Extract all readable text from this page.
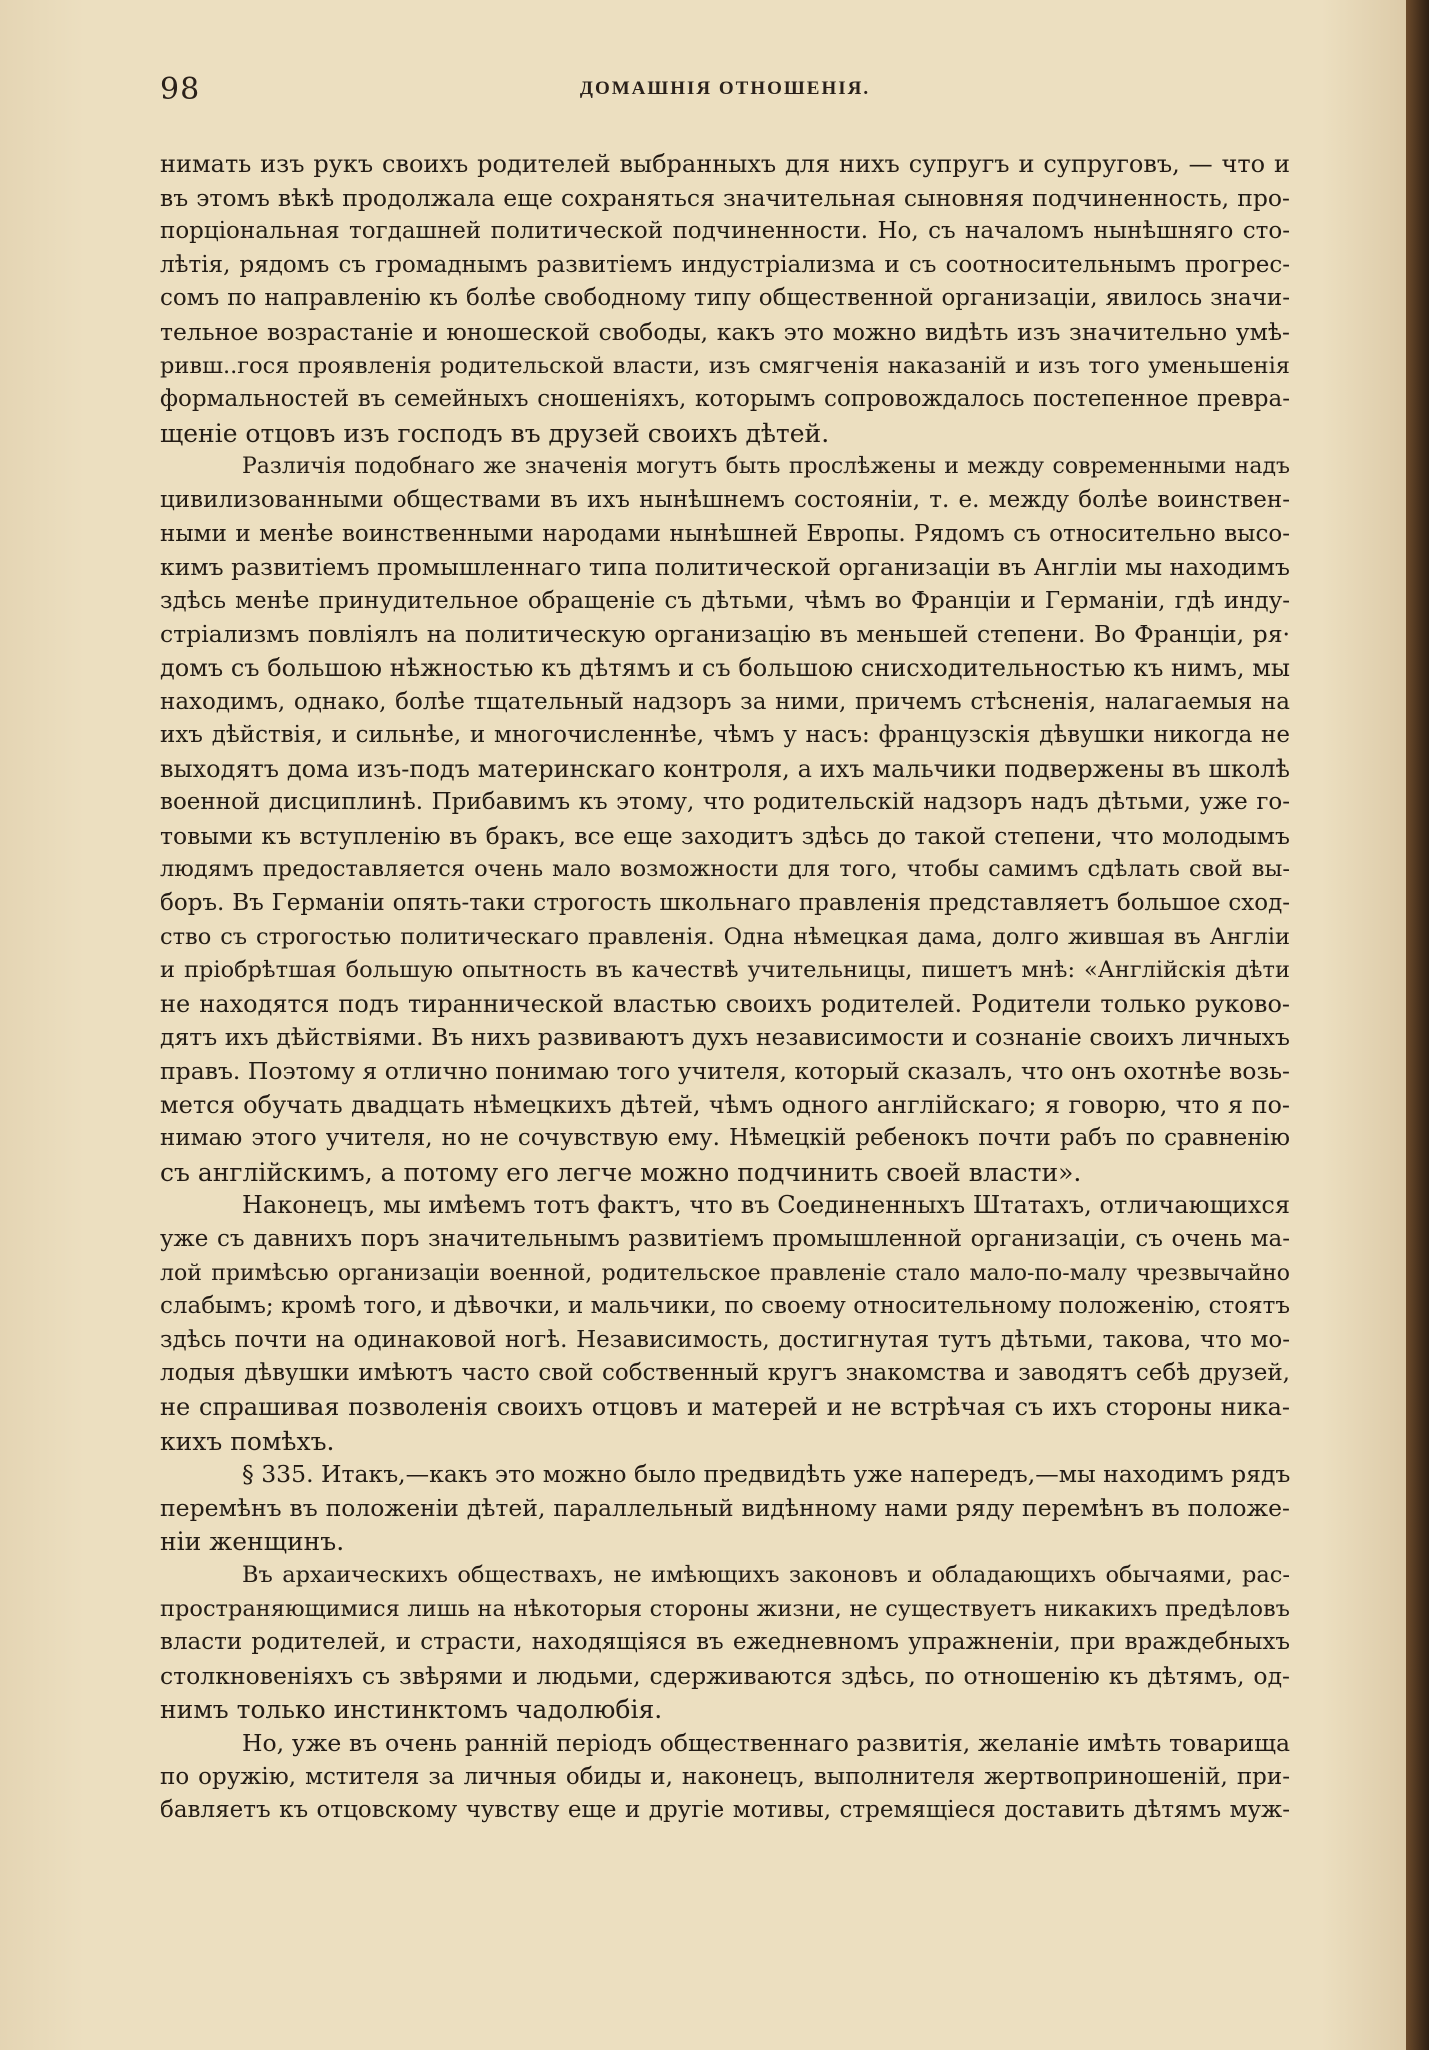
98	ДОМАШНІЯ ОТНОШЕНІЯ.
нимать изъ рукъ своихъ родителей выбранныхъ для нихъ супругъ и супруговъ, — что и
въ этомъ вѣкѣ продолжала еще сохраняться значительная сыновняя подчиненность, про-
порціональная тогдашней политической подчиненности. Но, съ началомъ нынѣшняго сто-
лѣтія, рядомъ съ громаднымъ развитіемъ индустріализма и съ соотносительнымъ прогрес-
сомъ по направленію къ болѣе свободному типу общественной организаціи, явилось значи-
тельное возрастаніе и юношеской свободы, какъ это можно видѣть изъ значительно умѣ-
ривш..гося проявленія родительской власти, изъ смягченія наказаній и изъ того уменьшенія
формальностей въ семейныхъ сношеніяхъ, которымъ сопровождалось постепенное превра-
щеніе отцовъ изъ господъ въ друзей своихъ дѣтей.
Различія подобнаго же значенія могутъ быть прослѣжены и между современными надъ
цивилизованными обществами въ ихъ нынѣшнемъ состояніи, т. е. между болѣе воинствен-
ными и менѣе воинственными народами нынѣшней Европы. Рядомъ съ относительно высо-
кимъ развитіемъ промышленнаго типа политической организаціи въ Англіи мы находимъ
здѣсь менѣе принудительное обращеніе съ дѣтьми, чѣмъ во Франціи и Германіи, гдѣ инду-
стріализмъ повліялъ на политическую организацію въ меньшей степени. Во Франціи, ря·
домъ съ большою нѣжностью къ дѣтямъ и съ большою снисходительностью къ нимъ, мы
находимъ, однако, болѣе тщательный надзоръ за ними, причемъ стѣсненія, налагаемыя на
ихъ дѣйствія, и сильнѣе, и многочисленнѣе, чѣмъ у насъ: французскія дѣвушки никогда не
выходятъ дома изъ-подъ материнскаго контроля, а ихъ мальчики подвержены въ школѣ
военной дисциплинѣ. Прибавимъ къ этому, что родительскій надзоръ надъ дѣтьми, уже го-
товыми къ вступленію въ бракъ, все еще заходитъ здѣсь до такой степени, что молодымъ
людямъ предоставляется очень мало возможности для того, чтобы самимъ сдѣлать свой вы-
боръ. Въ Германіи опять-таки строгость школьнаго правленія представляетъ большое сход-
ство съ строгостью политическаго правленія. Одна нѣмецкая дама, долго жившая въ Англіи
и пріобрѣтшая большую опытность въ качествѣ учительницы, пишетъ мнѣ: «Англійскія дѣти
не находятся подъ тираннической властью своихъ родителей. Родители только руково-
дятъ ихъ дѣйствіями. Въ нихъ развиваютъ духъ независимости и сознаніе своихъ личныхъ
правъ. Поэтому я отлично понимаю того учителя, который сказалъ, что онъ охотнѣе возь-
мется обучать двадцать нѣмецкихъ дѣтей, чѣмъ одного англійскаго; я говорю, что я по-
нимаю этого учителя, но не сочувствую ему. Нѣмецкій ребенокъ почти рабъ по сравненію
съ англійскимъ, а потому его легче можно подчинить своей власти».
Наконецъ, мы имѣемъ тотъ фактъ, что въ Соединенныхъ Штатахъ, отличающихся
уже съ давнихъ поръ значительнымъ развитіемъ промышленной организаціи, съ очень ма-
лой примѣсью организаціи военной, родительское правленіе стало мало-по-малу чрезвычайно
слабымъ; кромѣ того, и дѣвочки, и мальчики, по своему относительному положенію, стоятъ
здѣсь почти на одинаковой ногѣ. Независимость, достигнутая тутъ дѣтьми, такова, что мо-
лодыя дѣвушки имѣютъ часто свой собственный кругъ знакомства и заводятъ себѣ друзей,
не спрашивая позволенія своихъ отцовъ и матерей и не встрѣчая съ ихъ стороны ника-
кихъ помѣхъ.
§ 335. Итакъ,—какъ это можно было предвидѣть уже напередъ,—мы находимъ рядъ
перемѣнъ въ положеніи дѣтей, параллельный видѣнному нами ряду перемѣнъ въ положе-
ніи женщинъ.
Въ архаическихъ обществахъ, не имѣющихъ законовъ и обладающихъ обычаями, рас-
пространяющимися лишь на нѣкоторыя стороны жизни, не существуетъ никакихъ предѣловъ
власти родителей, и страсти, находящіяся въ ежедневномъ упражненіи, при враждебныхъ
столкновеніяхъ съ звѣрями и людьми, сдерживаются здѣсь, по отношенію къ дѣтямъ, од-
нимъ только инстинктомъ чадолюбія.
Но, уже въ очень ранній періодъ общественнаго развитія, желаніе имѣть товарища
по оружію, мстителя за личныя обиды и, наконецъ, выполнителя жертвоприношеній, при-
бавляетъ къ отцовскому чувству еще и другіе мотивы, стремящіеся доставить дѣтямъ муж-
